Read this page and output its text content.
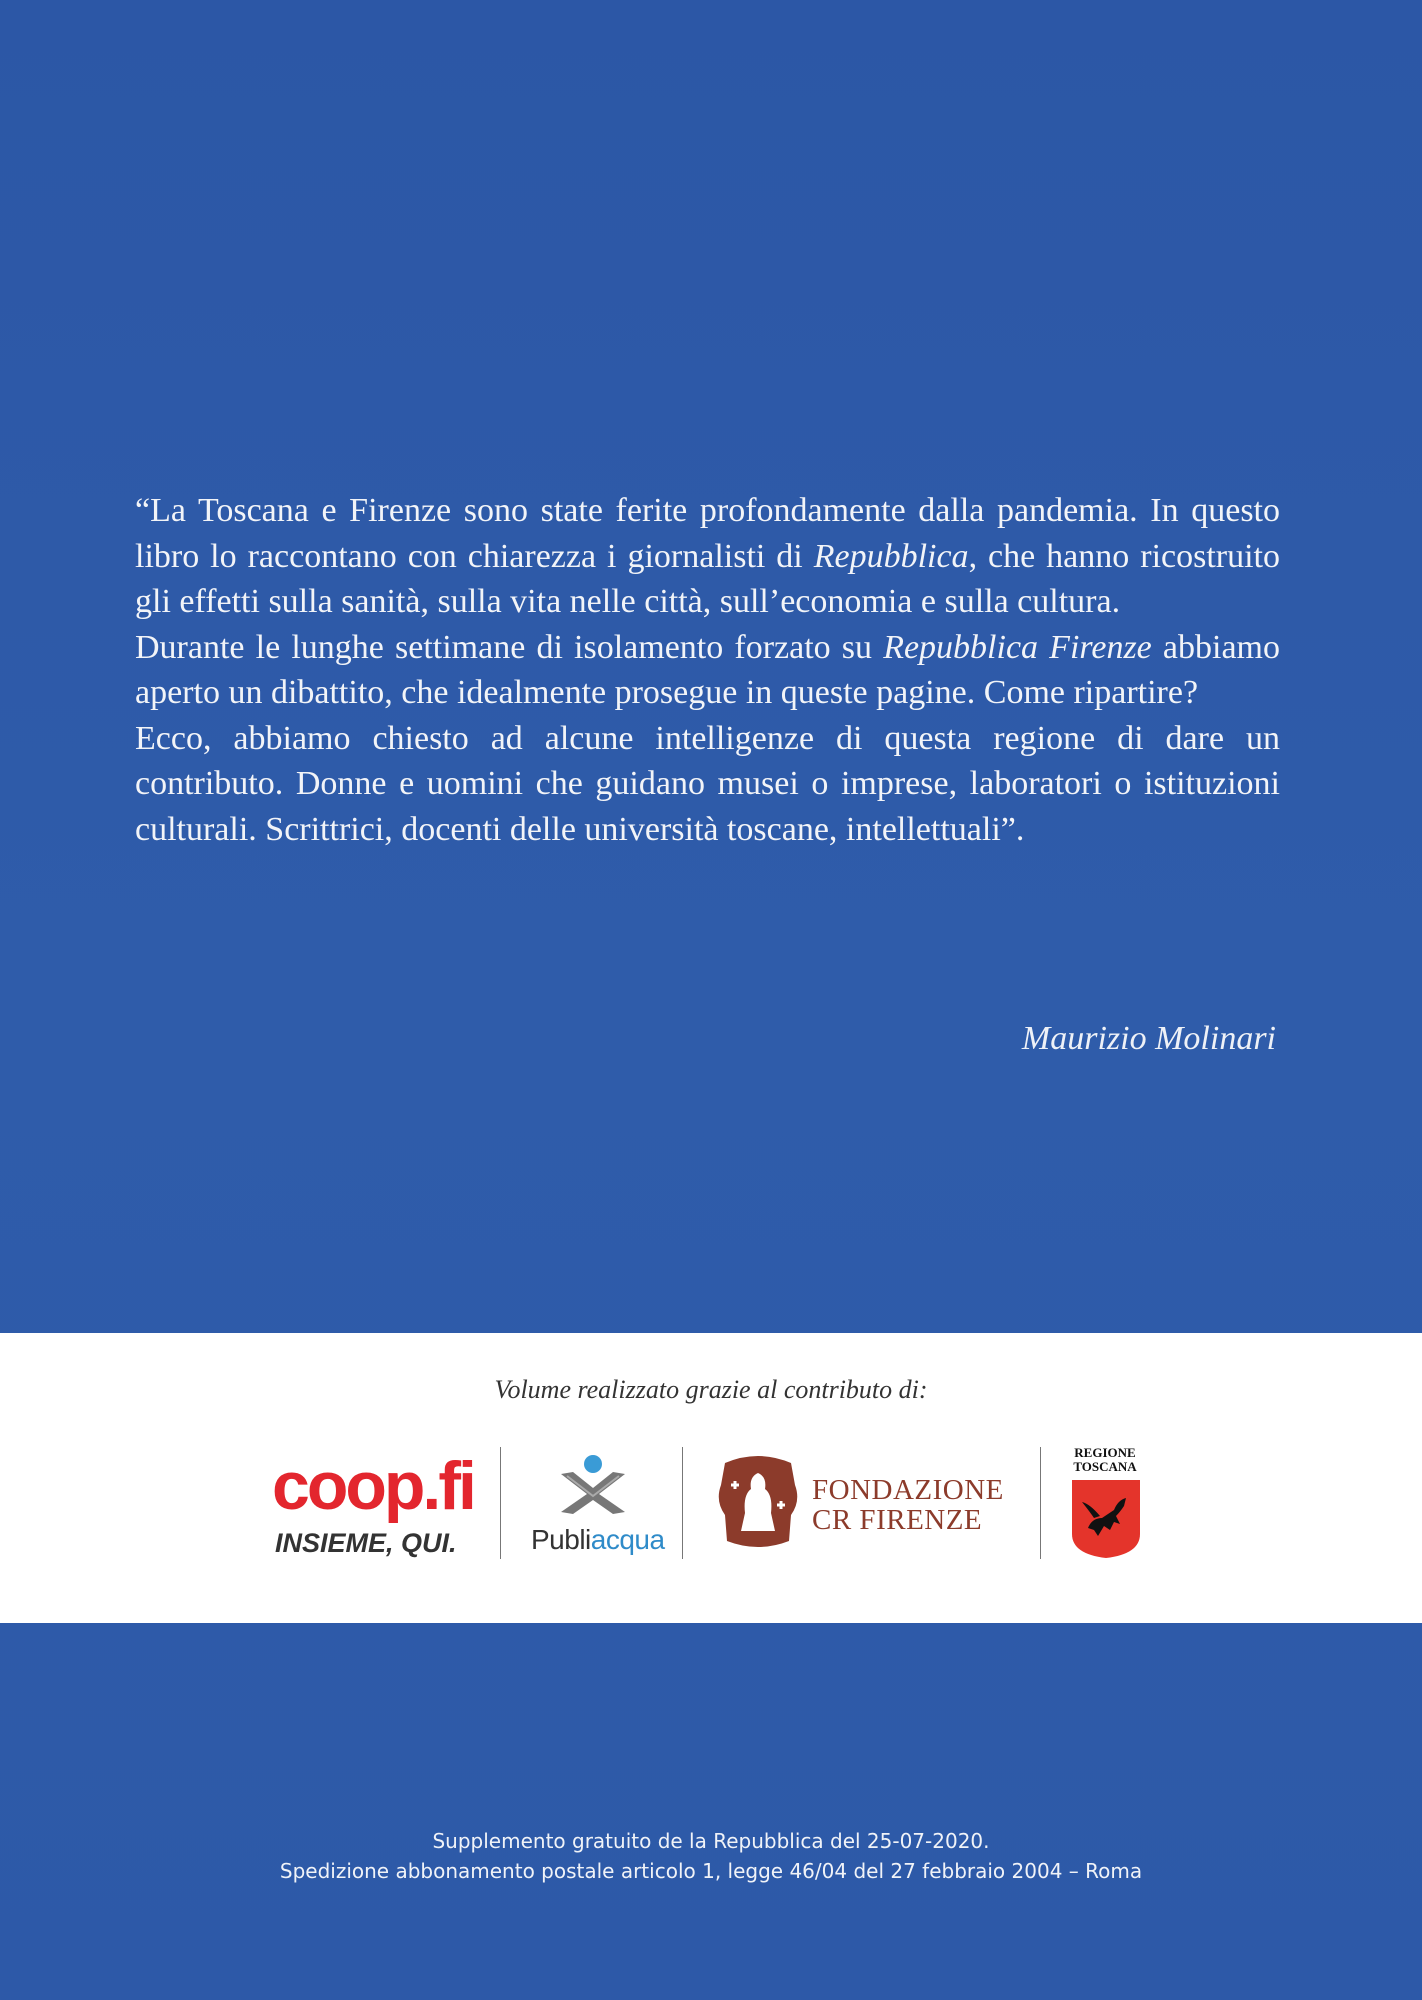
“La Toscana e Firenze sono state ferite profondamente dalla pandemia. In questo libro lo raccontano con chiarezza i giornalisti di Repubblica, che hanno ricostruito gli effetti sulla sanità, sulla vita nelle città, sull’economia e sulla cultura.

Durante le lunghe settimane di isolamento forzato su Repubblica Firenze abbiamo aperto un dibattito, che idealmente prosegue in queste pagine. Come ripartire?

Ecco, abbiamo chiesto ad alcune intelligenze di questa regione di dare un contributo. Donne e uomini che guidano musei o imprese, laboratori o istituzioni culturali. Scrittrici, docenti delle università toscane, intellettuali”.

Maurizio Molinari
Volume realizzato grazie al contributo di:
coop.fi
INSIEME, QUI.	Publiacqua
FONDAZIONE
CR FIRENZE
REGIONE
TOSCANA
Supplemento gratuito de la Repubblica del 25-07-2020.
Spedizione abbonamento postale articolo 1, legge 46/04 del 27 febbraio 2004 – Roma
